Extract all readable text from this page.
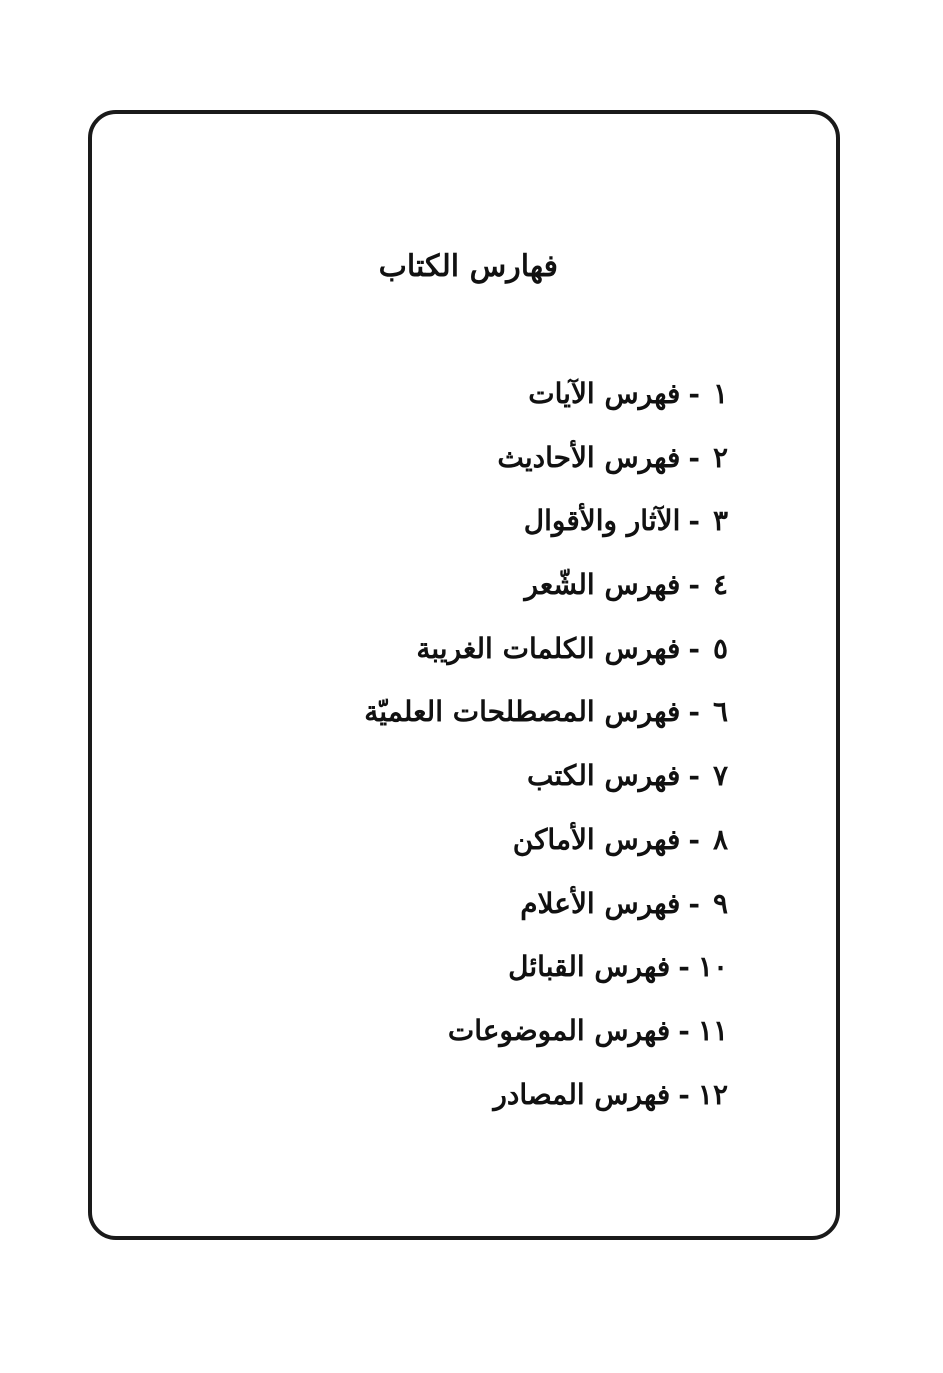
فهارس الكتاب
١-فهرس الآيات
٢-فهرس الأحاديث
٣-الآثار والأقوال
٤-فهرس الشّعر
٥-فهرس الكلمات الغريبة
٦-فهرس المصطلحات العلميّة
٧-فهرس الكتب
٨-فهرس الأماكن
٩-فهرس الأعلام
١٠-فهرس القبائل
١١-فهرس الموضوعات
١٢-فهرس المصادر
